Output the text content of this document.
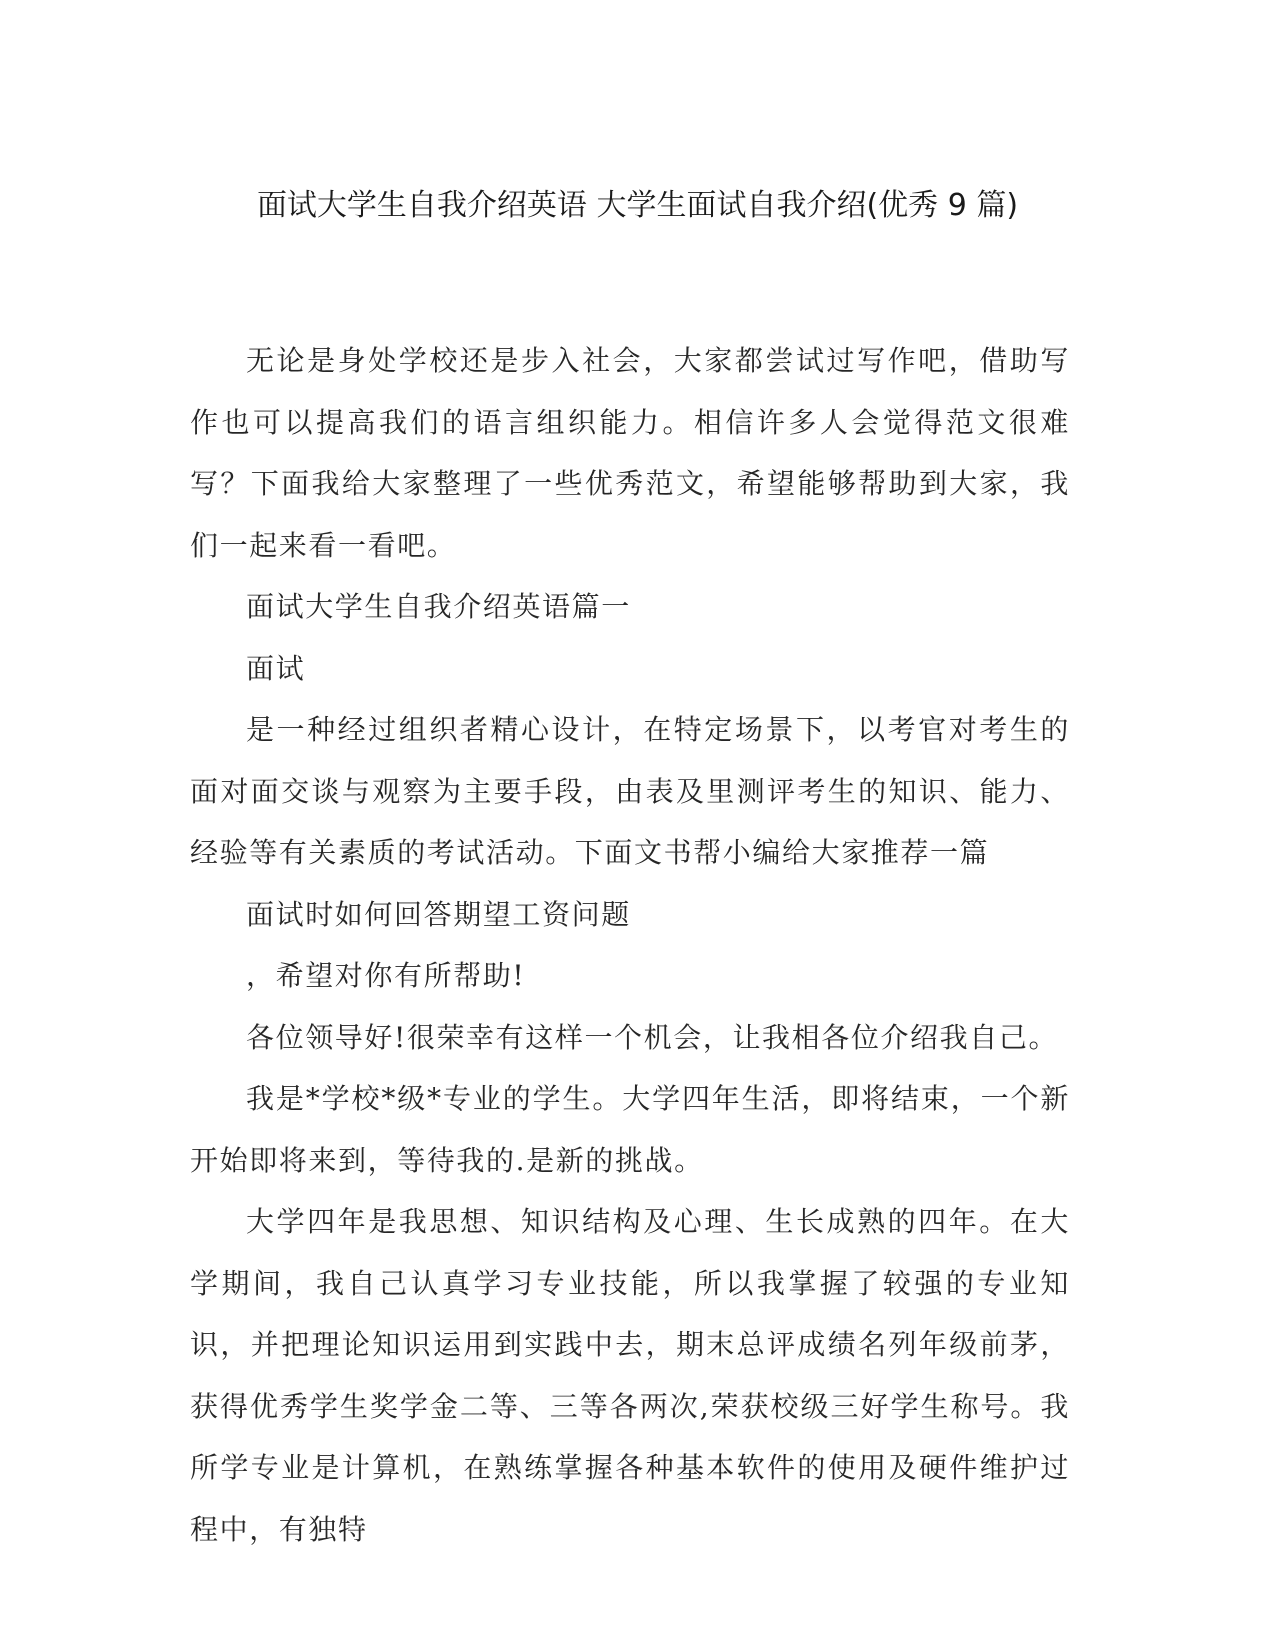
面试大学生自我介绍英语 大学生面试自我介绍(优秀 9 篇)

无论是身处学校还是步入社会，大家都尝试过写作吧，借助写作也可以提高我们的语言组织能力。相信许多人会觉得范文很难写？下面我给大家整理了一些优秀范文，希望能够帮助到大家，我们一起来看一看吧。

面试大学生自我介绍英语篇一

面试

是一种经过组织者精心设计，在特定场景下，以考官对考生的面对面交谈与观察为主要手段，由表及里测评考生的知识、能力、经验等有关素质的考试活动。下面文书帮小编给大家推荐一篇

面试时如何回答期望工资问题

，希望对你有所帮助!

各位领导好!很荣幸有这样一个机会，让我相各位介绍我自己。

我是*学校*级*专业的学生。大学四年生活，即将结束，一个新开始即将来到，等待我的.是新的挑战。

大学四年是我思想、知识结构及心理、生长成熟的四年。在大学期间，我自己认真学习专业技能，所以我掌握了较强的专业知识，并把理论知识运用到实践中去，期末总评成绩名列年级前茅，获得优秀学生奖学金二等、三等各两次,荣获校级三好学生称号。我所学专业是计算机，在熟练掌握各种基本软件的使用及硬件维护过程中，有独特
